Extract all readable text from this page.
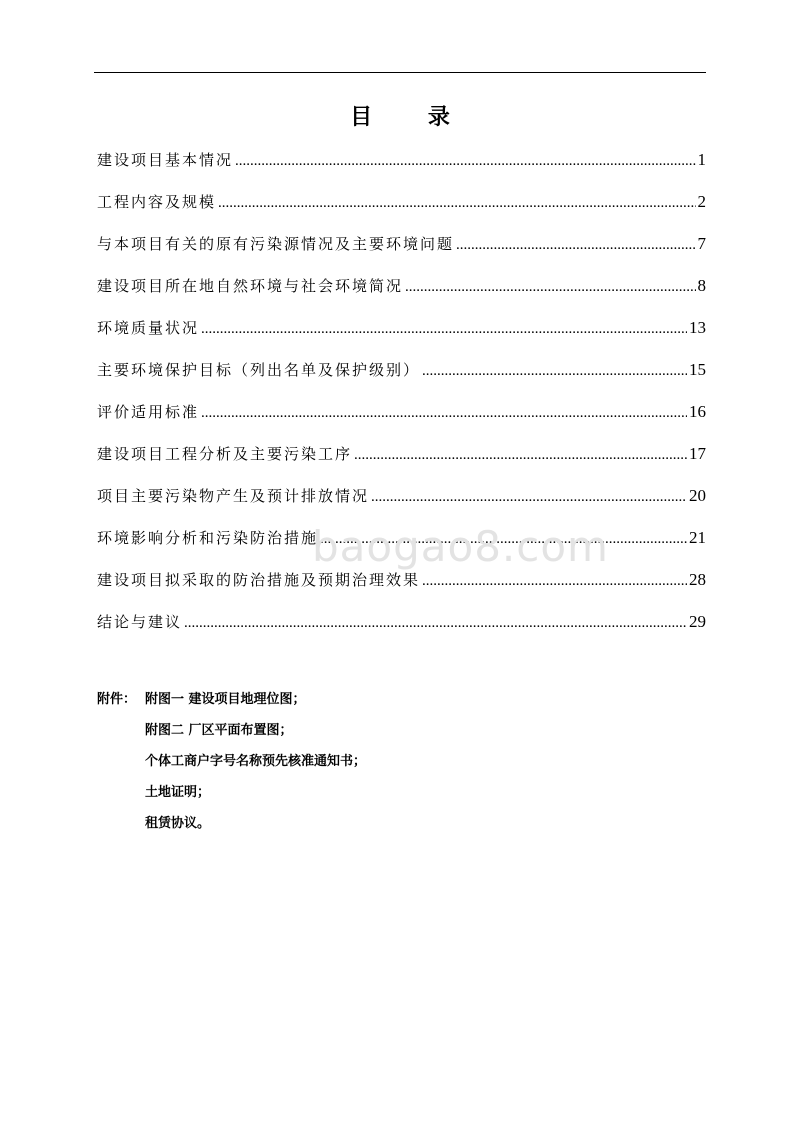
目 录
建设项目基本情况 .....	1
工程内容及规模 .....	2
与本项目有关的原有污染源情况及主要环境问题 .....	7
建设项目所在地自然环境与社会环境简况 .....	8
环境质量状况 .....	13
主要环境保护目标（列出名单及保护级别） .....	15
评价适用标准 .....	16
建设项目工程分析及主要污染工序 .....	17
项目主要污染物产生及预计排放情况 .....	20
环境影响分析和污染防治措施 .....	21
建设项目拟采取的防治措施及预期治理效果 .....	28
结论与建议 .....	29
附件： 附图一 建设项目地理位图；
附图二 厂区平面布置图；
个体工商户字号名称预先核准通知书；
土地证明；
租赁协议。
baogao8.com
